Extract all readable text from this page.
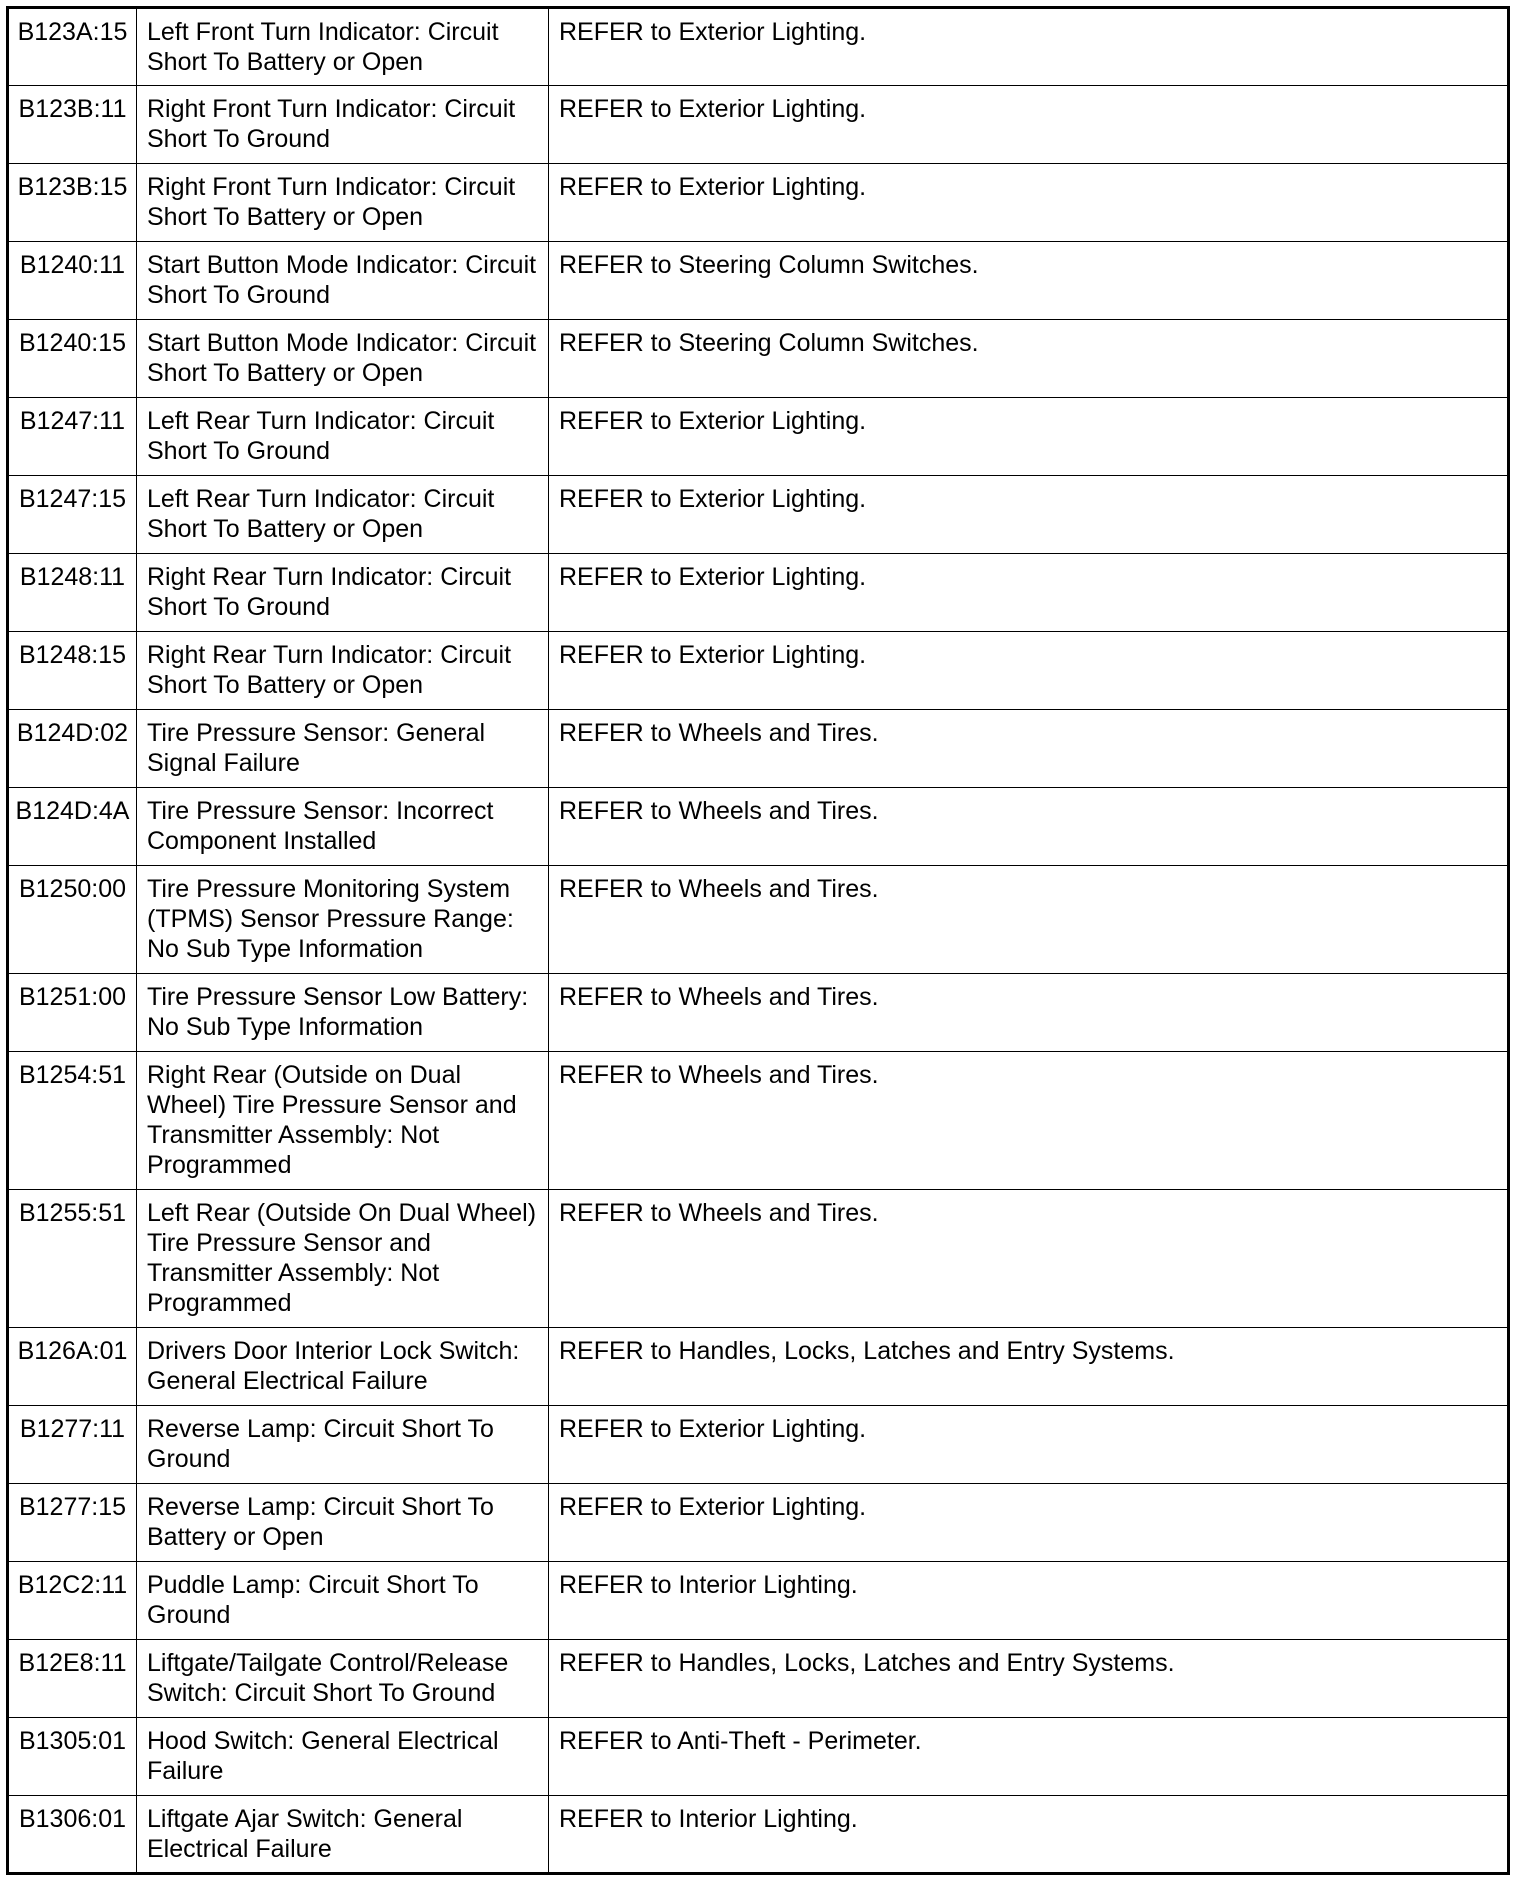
B123A:15	Left Front Turn Indicator: Circuit Short To Battery or Open	REFER to Exterior Lighting.
B123B:11	Right Front Turn Indicator: Circuit Short To Ground	REFER to Exterior Lighting.
B123B:15	Right Front Turn Indicator: Circuit Short To Battery or Open	REFER to Exterior Lighting.
B1240:11	Start Button Mode Indicator: Circuit Short To Ground	REFER to Steering Column Switches.
B1240:15	Start Button Mode Indicator: Circuit Short To Battery or Open	REFER to Steering Column Switches.
B1247:11	Left Rear Turn Indicator: Circuit Short To Ground	REFER to Exterior Lighting.
B1247:15	Left Rear Turn Indicator: Circuit Short To Battery or Open	REFER to Exterior Lighting.
B1248:11	Right Rear Turn Indicator: Circuit Short To Ground	REFER to Exterior Lighting.
B1248:15	Right Rear Turn Indicator: Circuit Short To Battery or Open	REFER to Exterior Lighting.
B124D:02	Tire Pressure Sensor: General Signal Failure	REFER to Wheels and Tires.
B124D:4A	Tire Pressure Sensor: Incorrect Component Installed	REFER to Wheels and Tires.
B1250:00	Tire Pressure Monitoring System (TPMS) Sensor Pressure Range: No Sub Type Information	REFER to Wheels and Tires.
B1251:00	Tire Pressure Sensor Low Battery: No Sub Type Information	REFER to Wheels and Tires.
B1254:51	Right Rear (Outside on Dual Wheel) Tire Pressure Sensor and Transmitter Assembly: Not Programmed	REFER to Wheels and Tires.
B1255:51	Left Rear (Outside On Dual Wheel) Tire Pressure Sensor and Transmitter Assembly: Not Programmed	REFER to Wheels and Tires.
B126A:01	Drivers Door Interior Lock Switch: General Electrical Failure	REFER to Handles, Locks, Latches and Entry Systems.
B1277:11	Reverse Lamp: Circuit Short To Ground	REFER to Exterior Lighting.
B1277:15	Reverse Lamp: Circuit Short To Battery or Open	REFER to Exterior Lighting.
B12C2:11	Puddle Lamp: Circuit Short To Ground	REFER to Interior Lighting.
B12E8:11	Liftgate/Tailgate Control/Release Switch: Circuit Short To Ground	REFER to Handles, Locks, Latches and Entry Systems.
B1305:01	Hood Switch: General Electrical Failure	REFER to Anti-Theft - Perimeter.
B1306:01	Liftgate Ajar Switch: General Electrical Failure	REFER to Interior Lighting.
